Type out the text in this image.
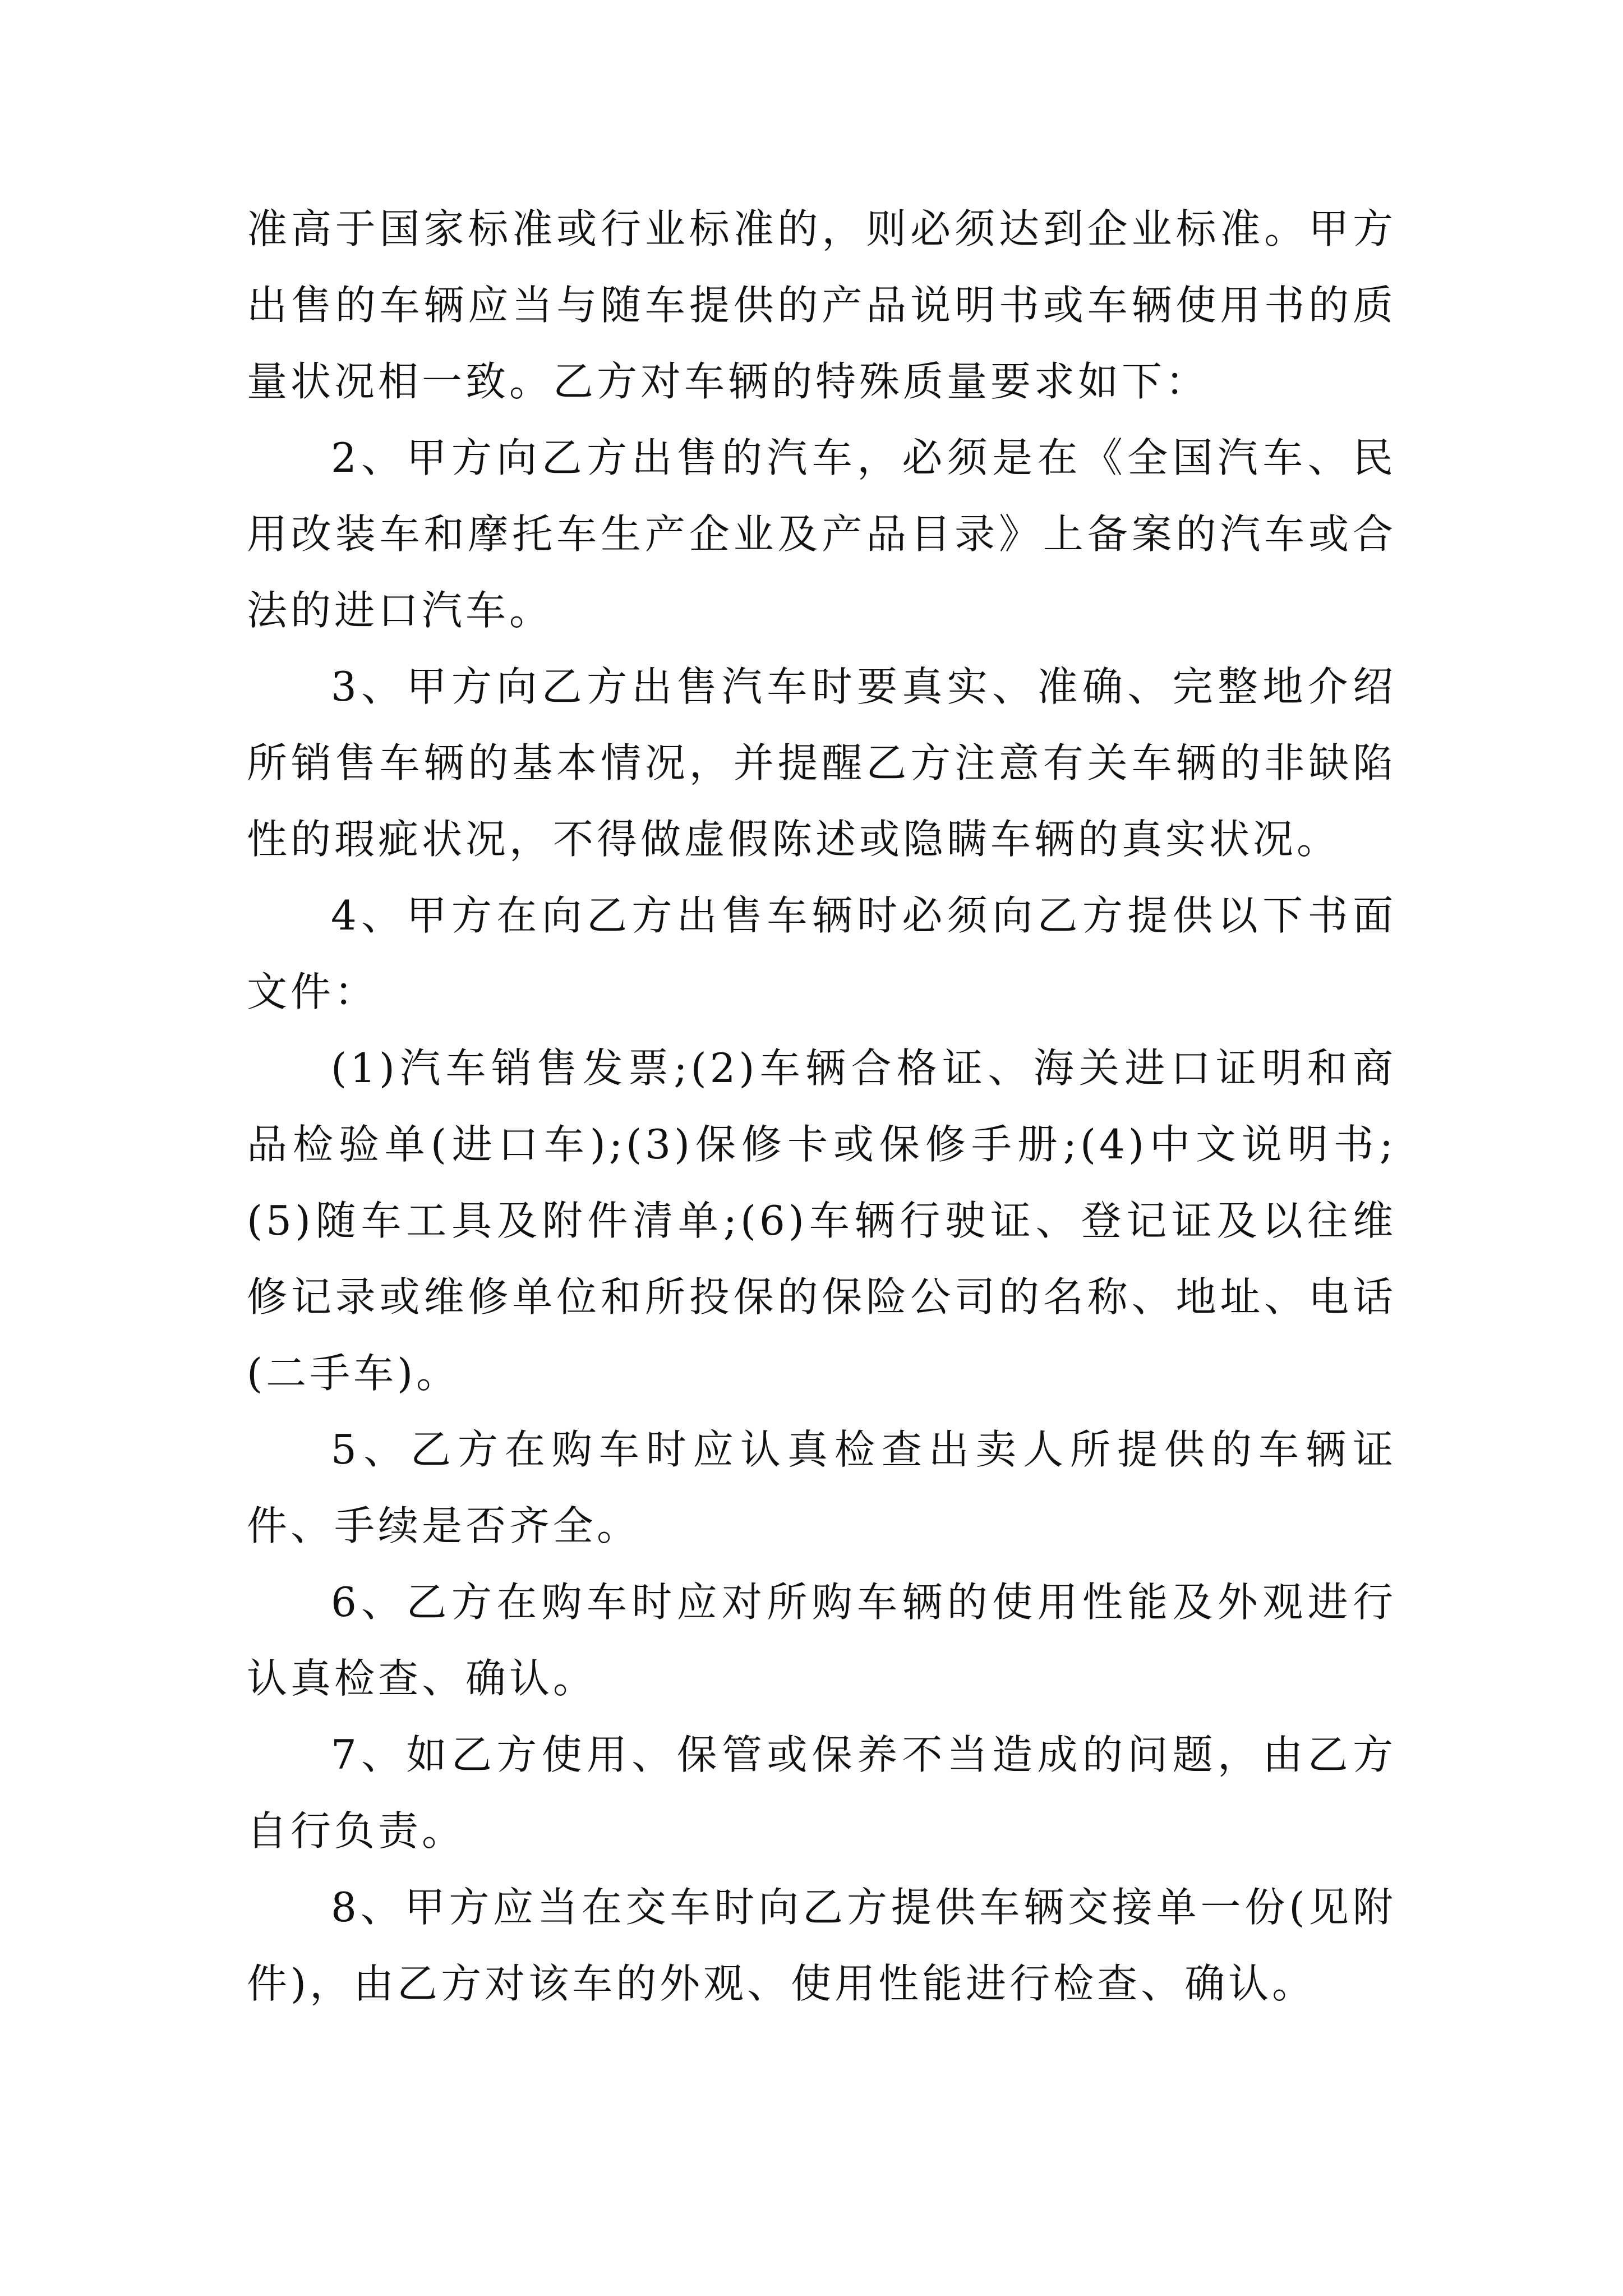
准高于国家标准或行业标准的，则必须达到企业标准。甲方出售的车辆应当与随车提供的产品说明书或车辆使用书的质量状况相一致。乙方对车辆的特殊质量要求如下：

2、甲方向乙方出售的汽车，必须是在《全国汽车、民用改装车和摩托车生产企业及产品目录》上备案的汽车或合法的进口汽车。

3、甲方向乙方出售汽车时要真实、准确、完整地介绍所销售车辆的基本情况，并提醒乙方注意有关车辆的非缺陷性的瑕疵状况，不得做虚假陈述或隐瞒车辆的真实状况。

4、甲方在向乙方出售车辆时必须向乙方提供以下书面文件：

(1)汽车销售发票;(2)车辆合格证、海关进口证明和商品检验单(进口车);(3)保修卡或保修手册;(4)中文说明书;(5)随车工具及附件清单;(6)车辆行驶证、登记证及以往维修记录或维修单位和所投保的保险公司的名称、地址、电话(二手车)。

5、乙方在购车时应认真检查出卖人所提供的车辆证件、手续是否齐全。

6、乙方在购车时应对所购车辆的使用性能及外观进行认真检查、确认。

7、如乙方使用、保管或保养不当造成的问题，由乙方自行负责。

8、甲方应当在交车时向乙方提供车辆交接单一份(见附件)，由乙方对该车的外观、使用性能进行检查、确认。
